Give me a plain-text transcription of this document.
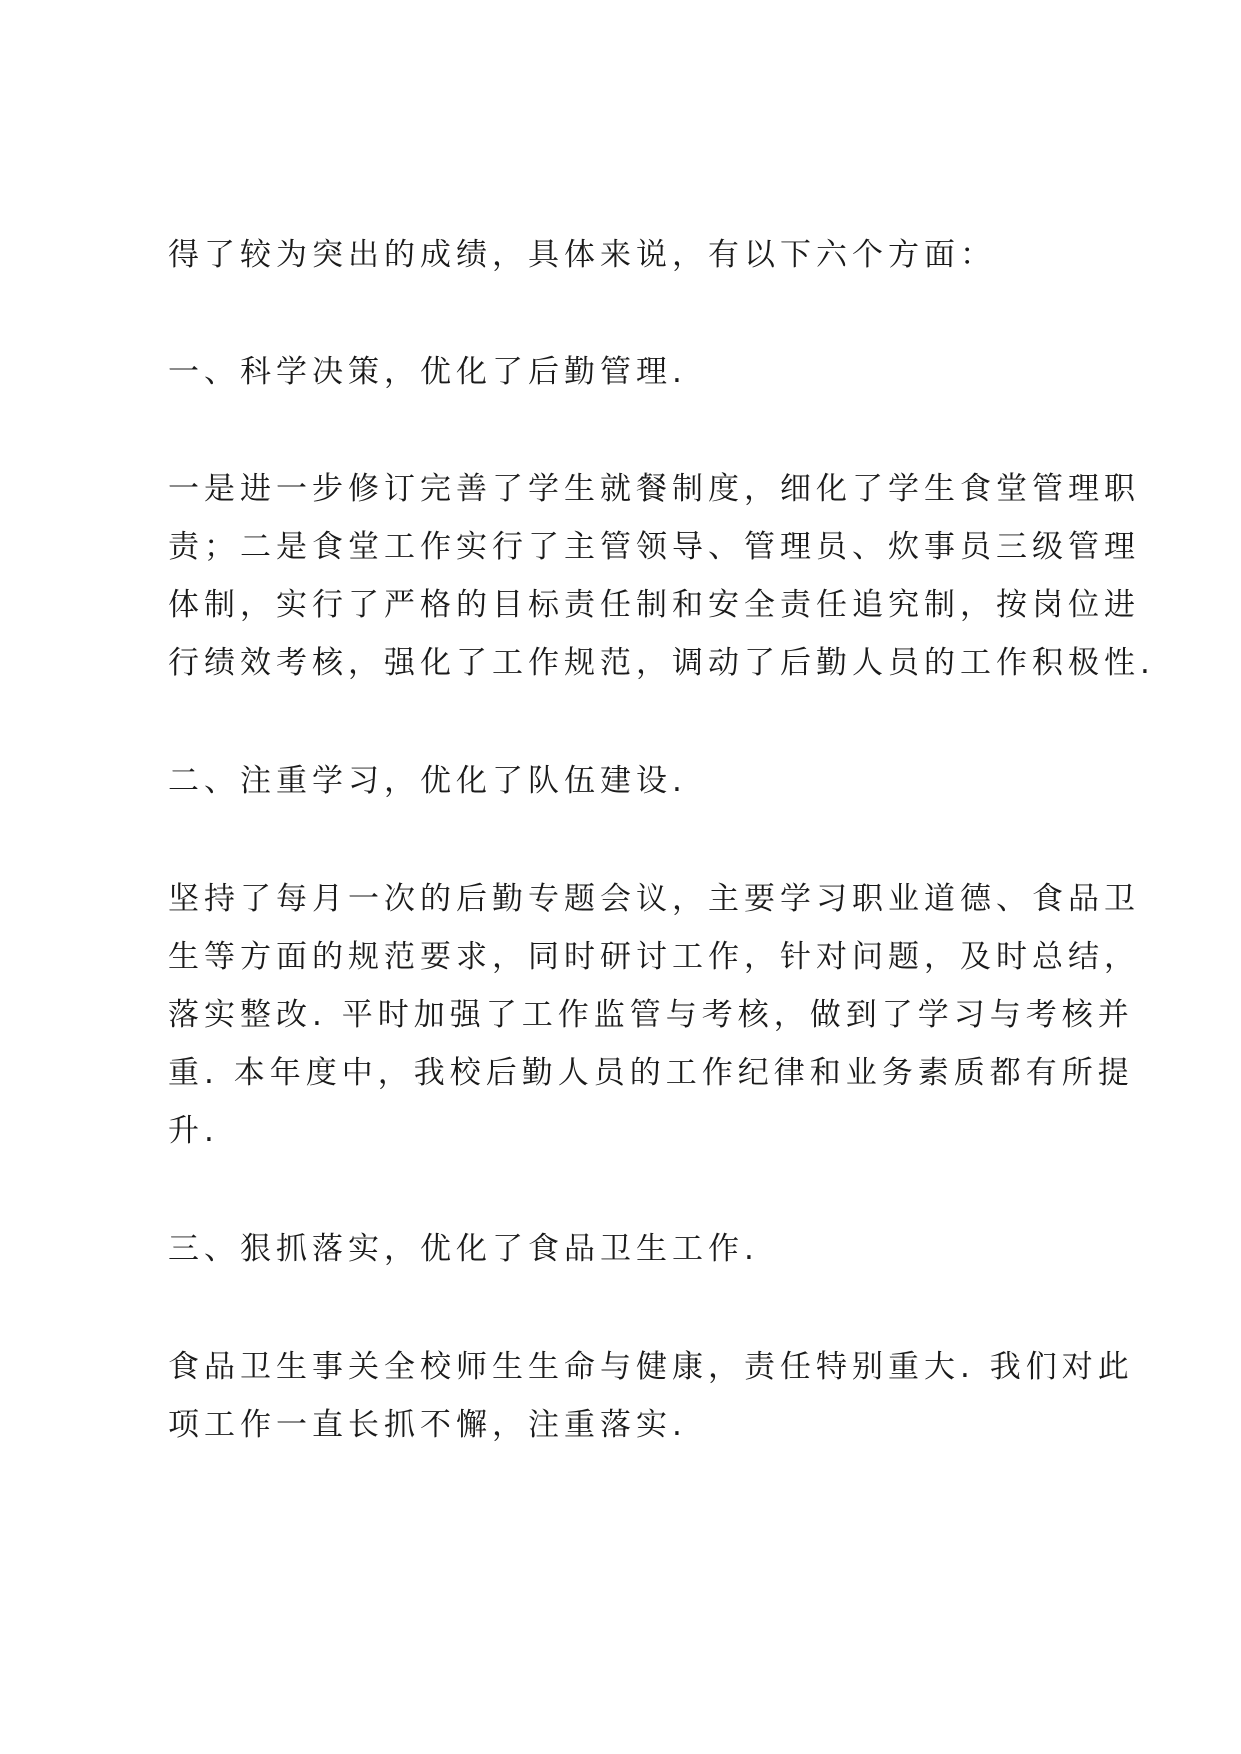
得了较为突出的成绩，具体来说，有以下六个方面：

一、科学决策，优化了后勤管理.

一是进一步修订完善了学生就餐制度，细化了学生食堂管理职
责；二是食堂工作实行了主管领导、管理员、炊事员三级管理
体制，实行了严格的目标责任制和安全责任追究制，按岗位进
行绩效考核，强化了工作规范，调动了后勤人员的工作积极性.

二、注重学习，优化了队伍建设.

坚持了每月一次的后勤专题会议，主要学习职业道德、食品卫
生等方面的规范要求，同时研讨工作，针对问题，及时总结，
落实整改. 平时加强了工作监管与考核，做到了学习与考核并
重. 本年度中，我校后勤人员的工作纪律和业务素质都有所提
升.

三、狠抓落实，优化了食品卫生工作.

食品卫生事关全校师生生命与健康，责任特别重大. 我们对此
项工作一直长抓不懈，注重落实.
